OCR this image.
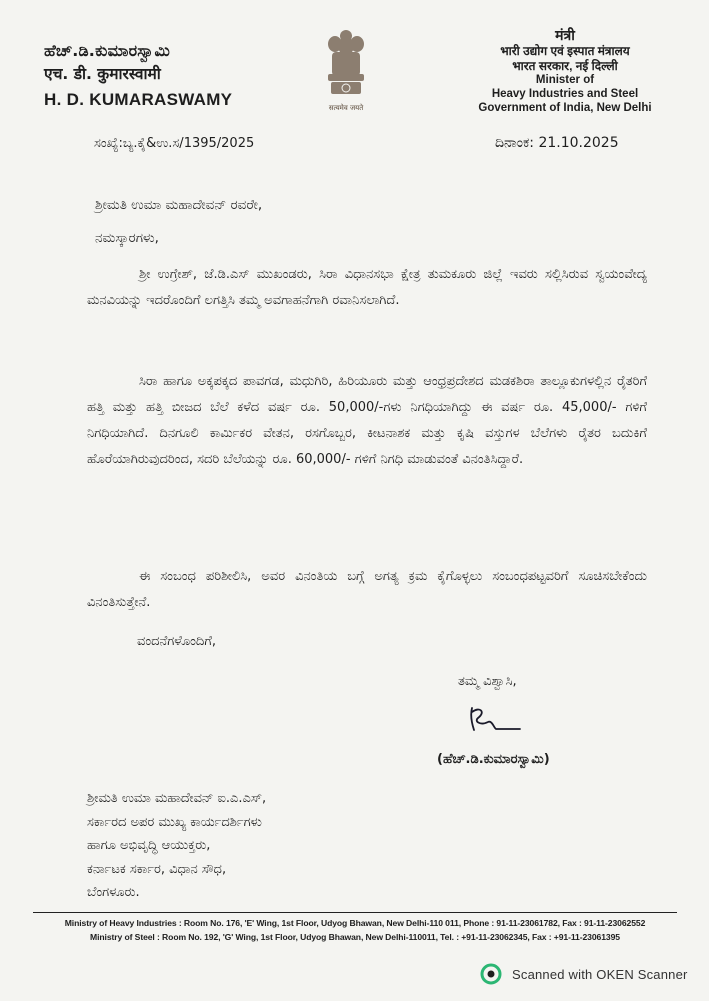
ಹೆಚ್.ಡಿ.ಕುಮಾರಸ್ವಾಮಿ
एच. डी. कुमारस्वामी
H. D. KUMARASWAMY	सत्यमेव जयते
मंत्री
भारी उद्योग एवं इस्पात मंत्रालय
भारत सरकार, नई दिल्ली
Minister of
Heavy Industries and Steel
Government of India, New Delhi
ಸಂಖ್ಯೆ:ಬ್ಯ.ಕೈ&ಉ.ಸ/1395/2025	ದಿನಾಂಕ: 21.10.2025
ಶ್ರೀಮತಿ ಉಮಾ ಮಹಾದೇವನ್ ರವರೇ,
ನಮಸ್ಕಾರಗಳು,
ಶ್ರೀ ಉಗ್ರೇಶ್, ಜೆ.ಡಿ.ಎಸ್ ಮುಖಂಡರು, ಸಿರಾ ವಿಧಾನಸಭಾ ಕ್ಷೇತ್ರ ತುಮಕೂರು ಜಿಲ್ಲೆ ಇವರು ಸಲ್ಲಿಸಿರುವ ಸ್ವಯಂವೇದ್ಯ ಮನವಿಯನ್ನು ಇದರೊಂದಿಗೆ ಲಗತ್ತಿಸಿ ತಮ್ಮ ಅವಗಾಹನೆಗಾಗಿ ರವಾನಿಸಲಾಗಿದೆ.
ಸಿರಾ ಹಾಗೂ ಅಕ್ಕಪಕ್ಕದ ಪಾವಗಡ, ಮಧುಗಿರಿ, ಹಿರಿಯೂರು ಮತ್ತು ಆಂಧ್ರಪ್ರದೇಶದ ಮಡಕಶಿರಾ ತಾಲ್ಲೂಕುಗಳಲ್ಲಿನ ರೈತರಿಗೆ ಹತ್ತಿ ಮತ್ತು ಹತ್ತಿ ಬೀಜದ ಬೆಲೆ ಕಳೆದ ವರ್ಷ ರೂ. 50,000/-ಗಳು ನಿಗಧಿಯಾಗಿದ್ದು ಈ ವರ್ಷ ರೂ. 45,000/- ಗಳಿಗೆ ನಿಗಧಿಯಾಗಿದೆ. ದಿನಗೂಲಿ ಕಾರ್ಮಿಕರ ವೇತನ, ರಸಗೊಬ್ಬರ, ಕೀಟನಾಶಕ ಮತ್ತು ಕೃಷಿ ವಸ್ತುಗಳ ಬೆಲೆಗಳು ರೈತರ ಬದುಕಿಗೆ ಹೊರೆಯಾಗಿರುವುದರಿಂದ, ಸದರಿ ಬೆಲೆಯನ್ನು ರೂ. 60,000/- ಗಳಿಗೆ ನಿಗಧಿ ಮಾಡುವಂತೆ ವಿನಂತಿಸಿದ್ದಾರೆ.
ಈ ಸಂಬಂಧ ಪರಿಶೀಲಿಸಿ, ಅವರ ವಿನಂತಿಯ ಬಗ್ಗೆ ಅಗತ್ಯ ಕ್ರಮ ಕೈಗೊಳ್ಳಲು ಸಂಬಂಧಪಟ್ಟವರಿಗೆ ಸೂಚಿಸಬೇಕೆಂದು ವಿನಂತಿಸುತ್ತೇನೆ.
ವಂದನೆಗಳೊಂದಿಗೆ,
ತಮ್ಮ ವಿಶ್ವಾಸಿ,
(ಹೆಚ್.ಡಿ.ಕುಮಾರಸ್ವಾಮಿ)
ಶ್ರೀಮತಿ ಉಮಾ ಮಹಾದೇವನ್ ಐ.ಎ.ಎಸ್,
ಸರ್ಕಾರದ ಅಪರ ಮುಖ್ಯ ಕಾರ್ಯದರ್ಶಿಗಳು
ಹಾಗೂ ಅಭಿವೃದ್ಧಿ ಆಯುಕ್ತರು,
ಕರ್ನಾಟಕ ಸರ್ಕಾರ, ವಿಧಾನ ಸೌಧ,
ಬೆಂಗಳೂರು.
Ministry of Heavy Industries : Room No. 176, 'E' Wing, 1st Floor, Udyog Bhawan, New Delhi-110 011, Phone : 91-11-23061782, Fax : 91-11-23062552
Ministry of Steel : Room No. 192, 'G' Wing, 1st Floor, Udyog Bhawan, New Delhi-110011, Tel. : +91-11-23062345, Fax : +91-11-23061395
Scanned with OKEN Scanner
